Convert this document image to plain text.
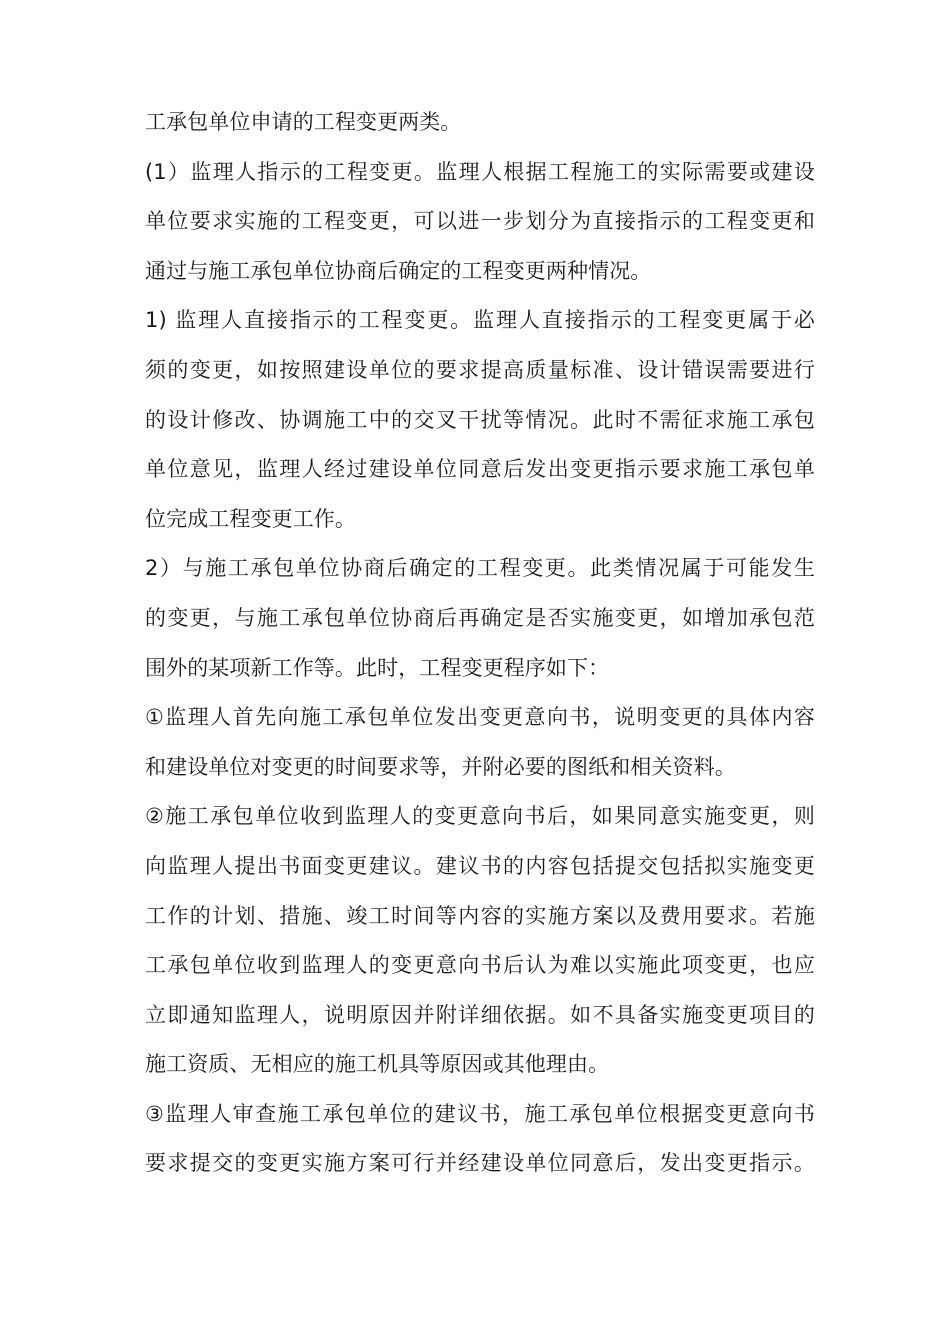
工承包单位申请的工程变更两类。
(1）监理人指示的工程变更。监理人根据工程施工的实际需要或建设
单位要求实施的工程变更，可以进一步划分为直接指示的工程变更和
通过与施工承包单位协商后确定的工程变更两种情况。
1) 监理人直接指示的工程变更。监理人直接指示的工程变更属于必
须的变更，如按照建设单位的要求提高质量标准、设计错误需要进行
的设计修改、协调施工中的交叉干扰等情况。此时不需征求施工承包
单位意见，监理人经过建设单位同意后发出变更指示要求施工承包单
位完成工程变更工作。
2）与施工承包单位协商后确定的工程变更。此类情况属于可能发生
的变更，与施工承包单位协商后再确定是否实施变更，如增加承包范
围外的某项新工作等。此时，工程变更程序如下：
①监理人首先向施工承包单位发出变更意向书，说明变更的具体内容
和建设单位对变更的时间要求等，并附必要的图纸和相关资料。
②施工承包单位收到监理人的变更意向书后，如果同意实施变更，则
向监理人提出书面变更建议。建议书的内容包括提交包括拟实施变更
工作的计划、措施、竣工时间等内容的实施方案以及费用要求。若施
工承包单位收到监理人的变更意向书后认为难以实施此项变更，也应
立即通知监理人，说明原因并附详细依据。如不具备实施变更项目的
施工资质、无相应的施工机具等原因或其他理由。
③监理人审查施工承包单位的建议书，施工承包单位根据变更意向书
要求提交的变更实施方案可行并经建设单位同意后，发出变更指示。
